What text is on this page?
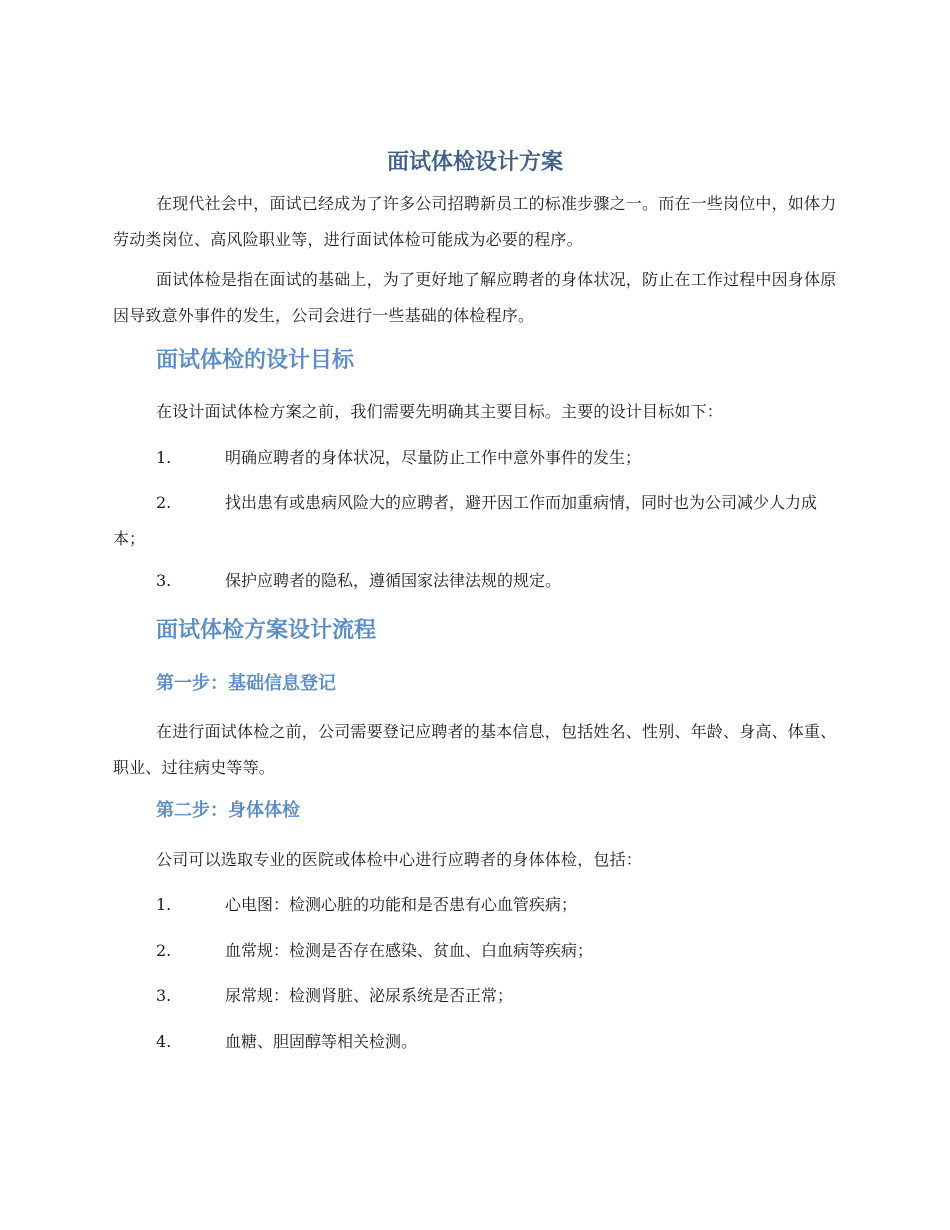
面试体检设计方案
在现代社会中，面试已经成为了许多公司招聘新员工的标准步骤之一。而在一些岗位中，如体力劳动类岗位、高风险职业等，进行面试体检可能成为必要的程序。
面试体检是指在面试的基础上，为了更好地了解应聘者的身体状况，防止在工作过程中因身体原因导致意外事件的发生，公司会进行一些基础的体检程序。
面试体检的设计目标
在设计面试体检方案之前，我们需要先明确其主要目标。主要的设计目标如下：
1.	明确应聘者的身体状况，尽量防止工作中意外事件的发生；
2.	找出患有或患病风险大的应聘者，避开因工作而加重病情，同时也为公司减少人力成本；
3.	保护应聘者的隐私，遵循国家法律法规的规定。
面试体检方案设计流程
第一步：基础信息登记
在进行面试体检之前，公司需要登记应聘者的基本信息，包括姓名、性别、年龄、身高、体重、职业、过往病史等等。
第二步：身体体检
公司可以选取专业的医院或体检中心进行应聘者的身体体检，包括：
1.	心电图：检测心脏的功能和是否患有心血管疾病；
2.	血常规：检测是否存在感染、贫血、白血病等疾病；
3.	尿常规：检测肾脏、泌尿系统是否正常；
4.	血糖、胆固醇等相关检测。
